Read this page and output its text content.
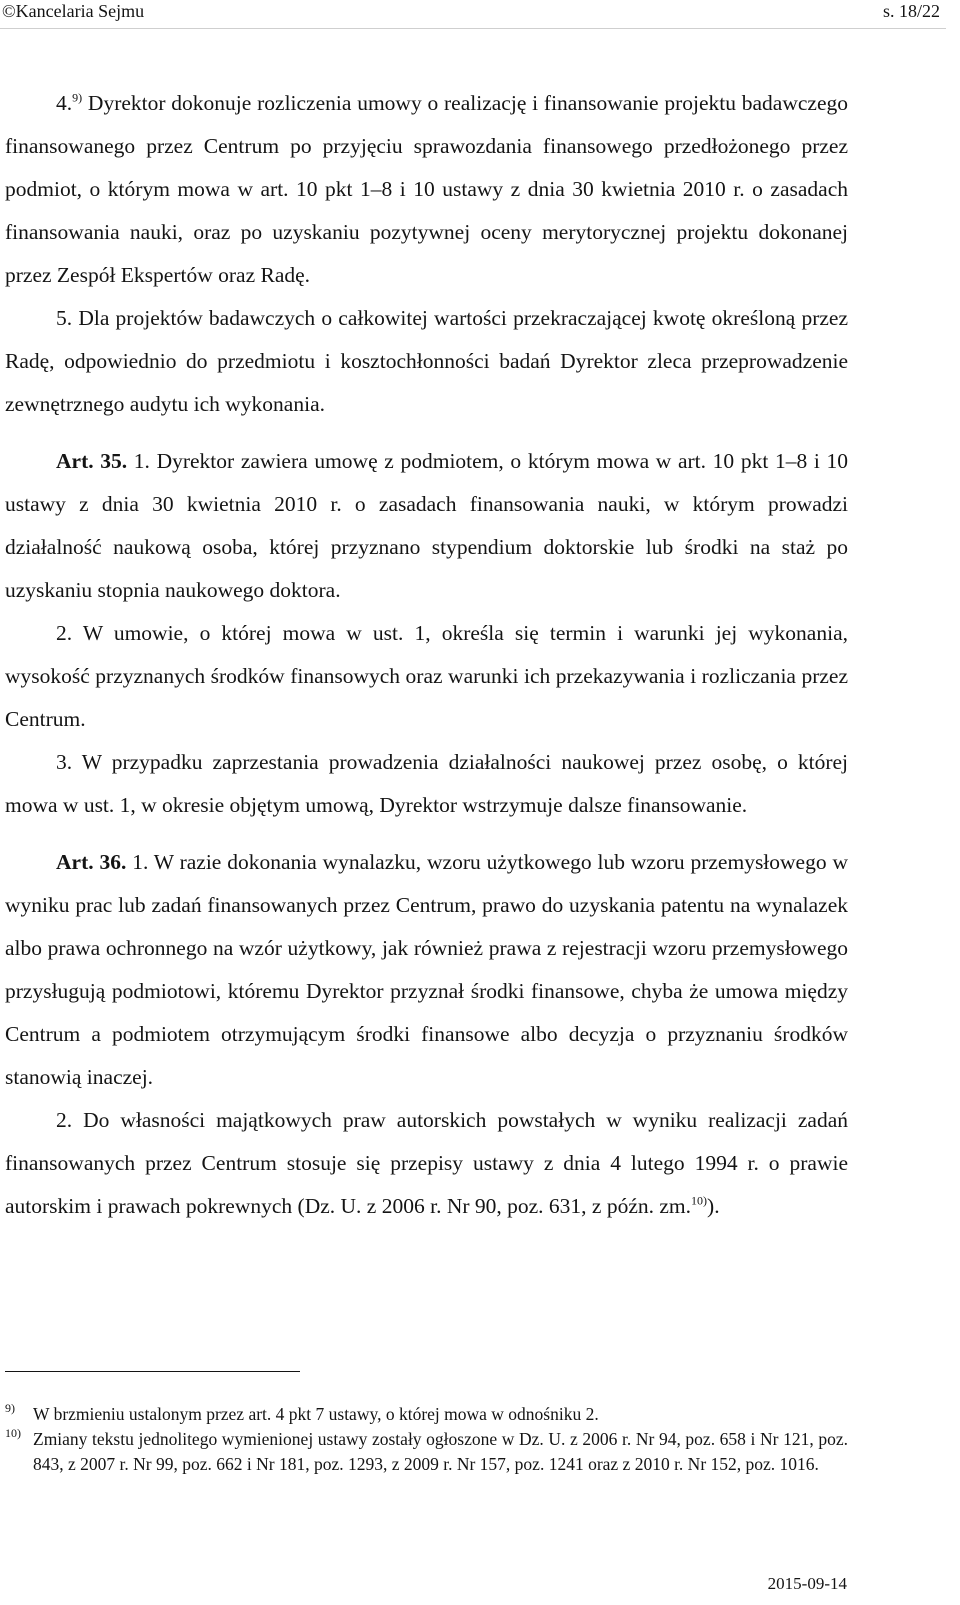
©Kancelaria Sejmu	s. 18/22

4.$^{9)}$ Dyrektor dokonuje rozliczenia umowy o realizację i finansowanie projektu badawczego finansowanego przez Centrum po przyjęciu sprawozdania finansowego przedłożonego przez podmiot, o którym mowa w art. 10 pkt 1–8 i 10 ustawy z dnia 30 kwietnia 2010 r. o zasadach finansowania nauki, oraz po uzyskaniu pozytywnej oceny merytorycznej projektu dokonanej przez Zespół Ekspertów oraz Radę.

5. Dla projektów badawczych o całkowitej wartości przekraczającej kwotę określoną przez Radę, odpowiednio do przedmiotu i kosztochłonności badań Dyrektor zleca przeprowadzenie zewnętrznego audytu ich wykonania.

Art. 35. 1. Dyrektor zawiera umowę z podmiotem, o którym mowa w art. 10 pkt 1–8 i 10 ustawy z dnia 30 kwietnia 2010 r. o zasadach finansowania nauki, w którym prowadzi działalność naukową osoba, której przyznano stypendium doktorskie lub środki na staż po uzyskaniu stopnia naukowego doktora.

2. W umowie, o której mowa w ust. 1, określa się termin i warunki jej wykonania, wysokość przyznanych środków finansowych oraz warunki ich przekazywania i rozliczania przez Centrum.

3. W przypadku zaprzestania prowadzenia działalności naukowej przez osobę, o której mowa w ust. 1, w okresie objętym umową, Dyrektor wstrzymuje dalsze finansowanie.

Art. 36. 1. W razie dokonania wynalazku, wzoru użytkowego lub wzoru przemysłowego w wyniku prac lub zadań finansowanych przez Centrum, prawo do uzyskania patentu na wynalazek albo prawa ochronnego na wzór użytkowy, jak również prawa z rejestracji wzoru przemysłowego przysługują podmiotowi, któremu Dyrektor przyznał środki finansowe, chyba że umowa między Centrum a podmiotem otrzymującym środki finansowe albo decyzja o przyznaniu środków stanowią inaczej.

2. Do własności majątkowych praw autorskich powstałych w wyniku realizacji zadań finansowanych przez Centrum stosuje się przepisy ustawy z dnia 4 lutego 1994 r. o prawie autorskim i prawach pokrewnych (Dz. U. z 2006 r. Nr 90, poz. 631, z późn. zm.$^{10)}$).

9) W brzmieniu ustalonym przez art. 4 pkt 7 ustawy, o której mowa w odnośniku 2.
10) Zmiany tekstu jednolitego wymienionej ustawy zostały ogłoszone w Dz. U. z 2006 r. Nr 94, poz. 658 i Nr 121, poz. 843, z 2007 r. Nr 99, poz. 662 i Nr 181, poz. 1293, z 2009 r. Nr 157, poz. 1241 oraz z 2010 r. Nr 152, poz. 1016.
2015-09-14
